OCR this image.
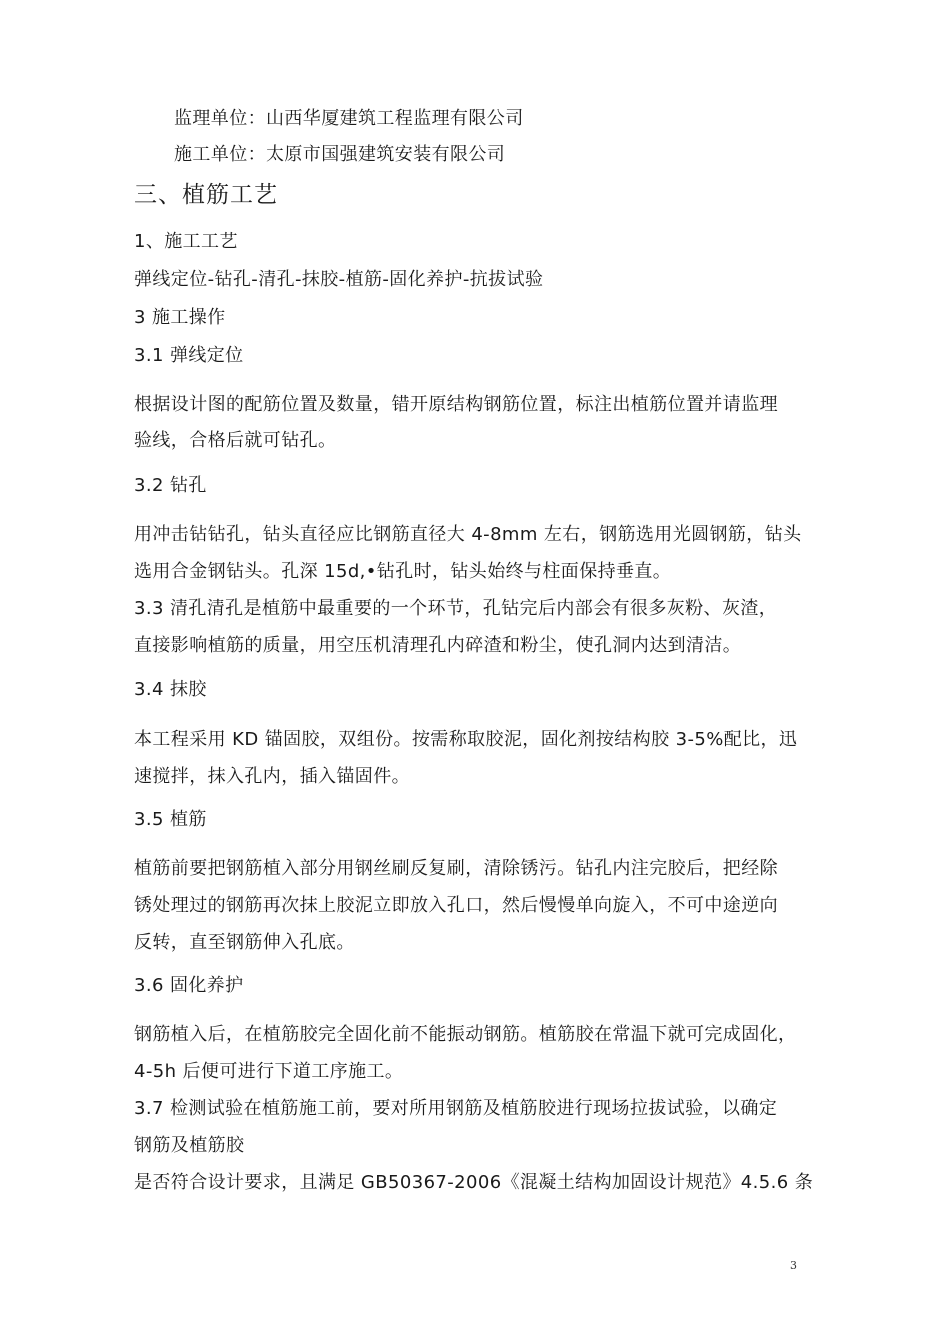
监理单位：山西华厦建筑工程监理有限公司
施工单位：太原市国强建筑安装有限公司
三、植筋工艺
1、施工工艺
弹线定位-钻孔-清孔-抹胶-植筋-固化养护-抗拔试验
3 施工操作
3.1 弹线定位
根据设计图的配筋位置及数量，错开原结构钢筋位置，标注出植筋位置并请监理
验线，合格后就可钻孔。
3.2 钻孔
用冲击钻钻孔，钻头直径应比钢筋直径大 4-8mm 左右，钢筋选用光圆钢筋，钻头
选用合金钢钻头。孔深 15d,•钻孔时，钻头始终与柱面保持垂直。
3.3 清孔清孔是植筋中最重要的一个环节，孔钻完后内部会有很多灰粉、灰渣，
直接影响植筋的质量，用空压机清理孔内碎渣和粉尘，使孔洞内达到清洁。
3.4 抹胶
本工程采用 KD 锚固胶，双组份。按需称取胶泥，固化剂按结构胶 3-5%配比，迅
速搅拌，抹入孔内，插入锚固件。
3.5 植筋
植筋前要把钢筋植入部分用钢丝刷反复刷，清除锈污。钻孔内注完胶后，把经除
锈处理过的钢筋再次抹上胶泥立即放入孔口，然后慢慢单向旋入，不可中途逆向
反转，直至钢筋伸入孔底。
3.6 固化养护
钢筋植入后，在植筋胶完全固化前不能振动钢筋。植筋胶在常温下就可完成固化，
4-5h 后便可进行下道工序施工。
3.7 检测试验在植筋施工前，要对所用钢筋及植筋胶进行现场拉拔试验，以确定
钢筋及植筋胶
是否符合设计要求，且满足 GB50367-2006《混凝土结构加固设计规范》4.5.6 条
3
